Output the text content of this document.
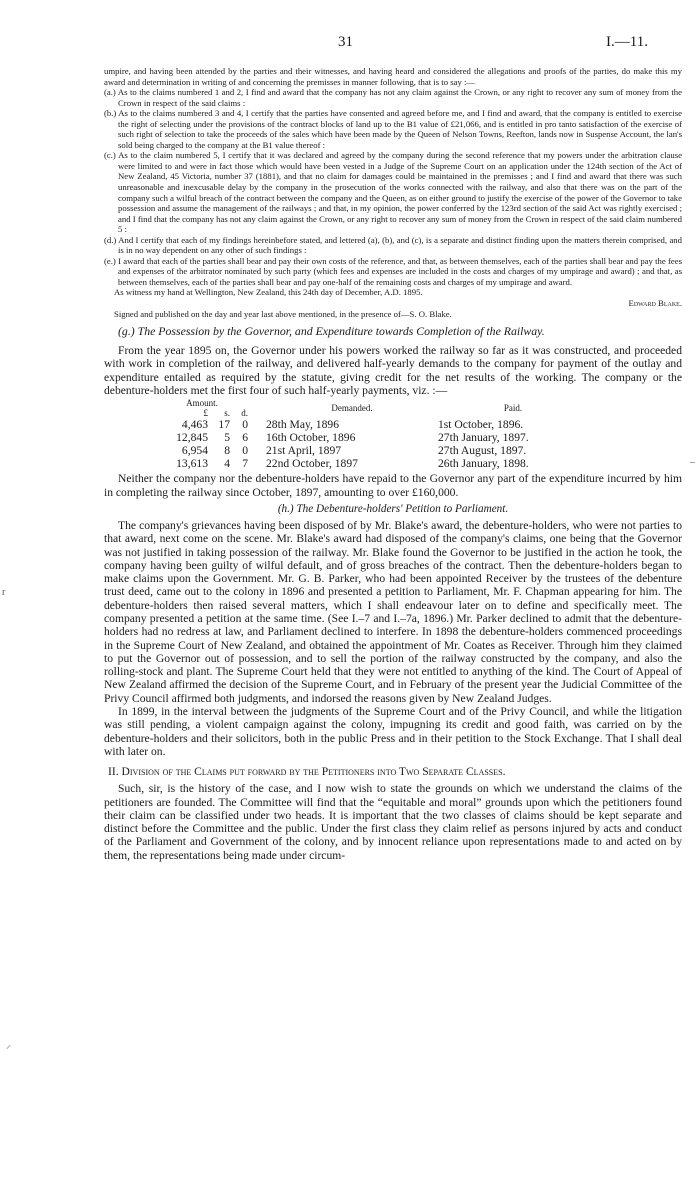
31	I.—11.
–
r
⸝

umpire, and having been attended by the parties and their witnesses, and having heard and considered the allegations and proofs of the parties, do make this my award and determination in writing of and concerning the premisses in manner following, that is to say :—

(a.) As to the claims numbered 1 and 2, I find and award that the company has not any claim against the Crown, or any right to recover any sum of money from the Crown in respect of the said claims :

(b.) As to the claims numbered 3 and 4, I certify that the parties have consented and agreed before me, and I find and award, that the company is entitled to exercise the right of selecting under the provisions of the contract blocks of land up to the B1 value of £21,066, and is entitled in pro tanto satisfaction of the exercise of such right of selection to take the proceeds of the sales which have been made by the Queen of Nelson Towns, Reefton, lands now in Suspense Account, the lan's sold being charged to the company at the B1 value thereof :

(c.) As to the claim numbered 5, I certify that it was declared and agreed by the company during the second reference that my powers under the arbitration clause were limited to and were in fact those which would have been vested in a Judge of the Supreme Court on an application under the 124th section of the Act of New Zealand, 45 Victoria, number 37 (1881), and that no claim for damages could be maintained in the premisses ; and I find and award that there was such unreasonable and inexcusable delay by the company in the prosecution of the works connected with the railway, and also that there was on the part of the company such a wilful breach of the contract between the company and the Queen, as on either ground to justify the exercise of the power of the Governor to take possession and assume the management of the railways ; and that, in my opinion, the power conferred by the 123rd section of the said Act was rightly exercised ; and I find that the company has not any claim against the Crown, or any right to recover any sum of money from the Crown in respect of the said claim numbered 5 :

(d.) And I certify that each of my findings hereinbefore stated, and lettered (a), (b), and (c), is a separate and distinct finding upon the matters therein comprised, and is in no way dependent on any other of such findings :

(e.) I award that each of the parties shall bear and pay their own costs of the reference, and that, as between themselves, each of the parties shall bear and pay the fees and expenses of the arbitrator nominated by such party (which fees and expenses are included in the costs and charges of my umpirage and award) ; and that, as between themselves, each of the parties shall bear and pay one-half of the remaining costs and charges of my umpirage and award.

As witness my hand at Wellington, New Zealand, this 24th day of December, A.D. 1895.

Edward Blake.

Signed and published on the day and year last above mentioned, in the presence of—S. O. Blake.

(g.) The Possession by the Governor, and Expenditure towards Completion of the Railway.

From the year 1895 on, the Governor under his powers worked the railway so far as it was constructed, and proceeded with work in completion of the railway, and delivered half-yearly demands to the company for payment of the outlay and expenditure entailed as required by the statute, giving credit for the net results of the working. The company or the debenture-holders met the first four of such half-yearly payments, viz. :—

Amount.			Demanded.	Paid.
£	s.	d.		
4,463	17	0	28th May, 1896	1st October, 1896.
12,845	5	6	16th October, 1896	27th January, 1897.
6,954	8	0	21st April, 1897	27th August, 1897.
13,613	4	7	22nd October, 1897	26th January, 1898.

Neither the company nor the debenture-holders have repaid to the Governor any part of the expenditure incurred by him in completing the railway since October, 1897, amounting to over £160,000.

(h.) The Debenture-holders' Petition to Parliament.

The company's grievances having been disposed of by Mr. Blake's award, the debenture-holders, who were not parties to that award, next come on the scene. Mr. Blake's award had disposed of the company's claims, one being that the Governor was not justified in taking possession of the railway. Mr. Blake found the Governor to be justified in the action he took, the company having been guilty of wilful default, and of gross breaches of the contract. Then the debenture-holders began to make claims upon the Government. Mr. G. B. Parker, who had been appointed Receiver by the trustees of the debenture trust deed, came out to the colony in 1896 and presented a petition to Parliament, Mr. F. Chapman appearing for him. The debenture-holders then raised several matters, which I shall endeavour later on to define and specifically meet. The company presented a petition at the same time. (See I.–7 and I.–7a, 1896.) Mr. Parker declined to admit that the debenture-holders had no redress at law, and Parliament declined to interfere. In 1898 the debenture-holders commenced proceedings in the Supreme Court of New Zealand, and obtained the appointment of Mr. Coates as Receiver. Through him they claimed to put the Governor out of possession, and to sell the portion of the railway constructed by the company, and also the rolling-stock and plant. The Supreme Court held that they were not entitled to anything of the kind. The Court of Appeal of New Zealand affirmed the decision of the Supreme Court, and in February of the present year the Judicial Committee of the Privy Council affirmed both judgments, and indorsed the reasons given by New Zealand Judges.

In 1899, in the interval between the judgments of the Supreme Court and of the Privy Council, and while the litigation was still pending, a violent campaign against the colony, impugning its credit and good faith, was carried on by the debenture-holders and their solicitors, both in the public Press and in their petition to the Stock Exchange. That I shall deal with later on.

II. Division of the Claims put forward by the Petitioners into Two Separate Classes.

Such, sir, is the history of the case, and I now wish to state the grounds on which we understand the claims of the petitioners are founded. The Committee will find that the “equitable and moral” grounds upon which the petitioners found their claim can be classified under two heads. It is important that the two classes of claims should be kept separate and distinct before the Committee and the public. Under the first class they claim relief as persons injured by acts and conduct of the Parliament and Government of the colony, and by innocent reliance upon representations made to and acted on by them, the representations being made under circum-
